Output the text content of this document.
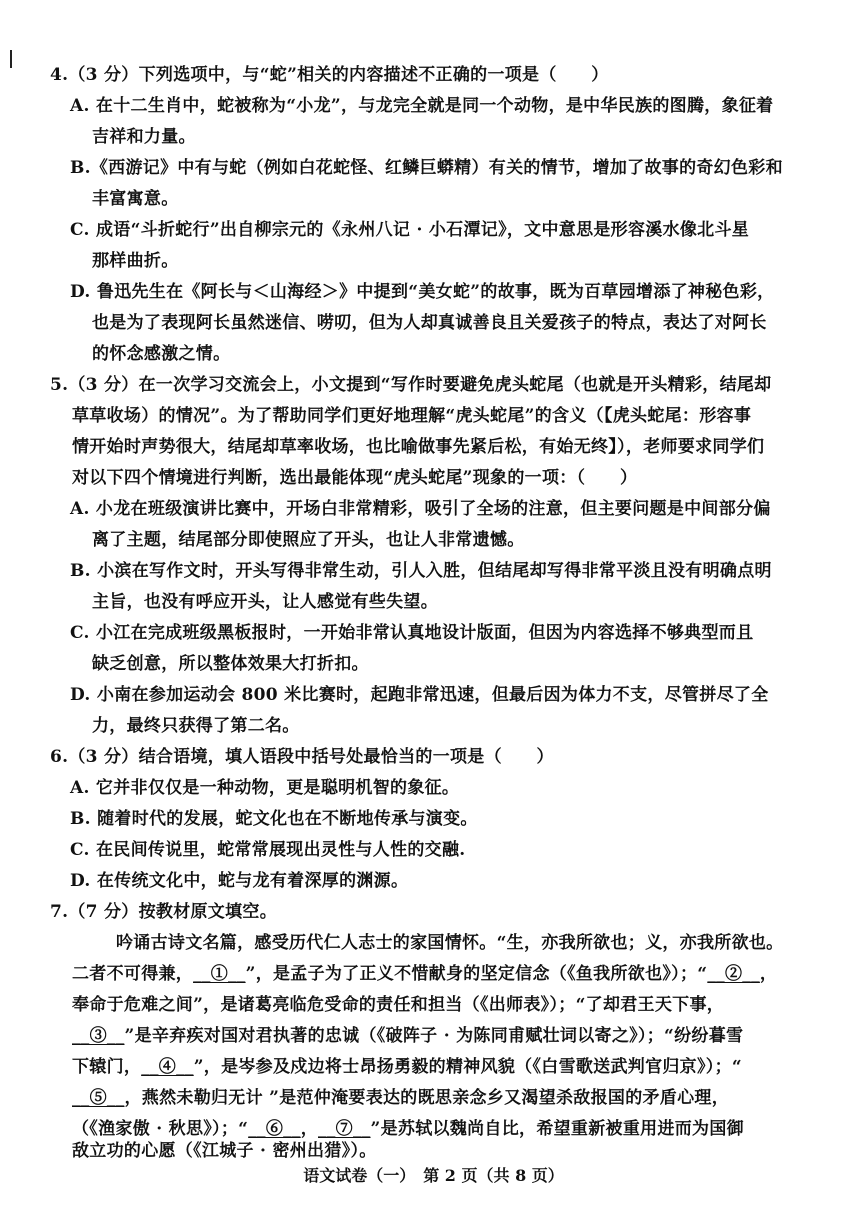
4.（3 分）下列选项中，与“蛇”相关的内容描述不正确的一项是（　　）
A. 在十二生肖中，蛇被称为“小龙”，与龙完全就是同一个动物，是中华民族的图腾，象征着
吉祥和力量。
B.《西游记》中有与蛇（例如白花蛇怪、红鳞巨蟒精）有关的情节，增加了故事的奇幻色彩和
丰富寓意。
C. 成语“斗折蛇行”出自柳宗元的《永州八记 · 小石潭记》，文中意思是形容溪水像北斗星
那样曲折。
D. 鲁迅先生在《阿长与＜山海经＞》中提到“美女蛇”的故事，既为百草园增添了神秘色彩，
也是为了表现阿长虽然迷信、唠叨，但为人却真诚善良且关爱孩子的特点，表达了对阿长
的怀念感激之情。
5.（3 分）在一次学习交流会上，小文提到“写作时要避免虎头蛇尾（也就是开头精彩，结尾却
草草收场）的情况”。为了帮助同学们更好地理解“虎头蛇尾”的含义（【虎头蛇尾：形容事
情开始时声势很大，结尾却草率收场，也比喻做事先紧后松，有始无终】），老师要求同学们
对以下四个情境进行判断，选出最能体现“虎头蛇尾”现象的一项：（　　）
A. 小龙在班级演讲比赛中，开场白非常精彩，吸引了全场的注意，但主要问题是中间部分偏
离了主题，结尾部分即使照应了开头，也让人非常遗憾。
B. 小滨在写作文时，开头写得非常生动，引人入胜，但结尾却写得非常平淡且没有明确点明
主旨，也没有呼应开头，让人感觉有些失望。
C. 小江在完成班级黑板报时，一开始非常认真地设计版面，但因为内容选择不够典型而且
缺乏创意，所以整体效果大打折扣。
D. 小南在参加运动会 800 米比赛时，起跑非常迅速，但最后因为体力不支，尽管拼尽了全
力，最终只获得了第二名。
6.（3 分）结合语境，填人语段中括号处最恰当的一项是（　　）
A. 它并非仅仅是一种动物，更是聪明机智的象征。
B. 随着时代的发展，蛇文化也在不断地传承与演变。
C. 在民间传说里，蛇常常展现出灵性与人性的交融.
D. 在传统文化中，蛇与龙有着深厚的渊源。
7.（7 分）按教材原文填空。
吟诵古诗文名篇，感受历代仁人志士的家国情怀。“生，亦我所欲也；义，亦我所欲也。
二者不可得兼，__①__”，是孟子为了正义不惜献身的坚定信念（《鱼我所欲也》）；“__②__，
奉命于危难之间”，是诸葛亮临危受命的责任和担当（《出师表》）；“了却君王天下事，
__③__”是辛弃疾对国对君执著的忠诚（《破阵子 · 为陈同甫赋壮词以寄之》）；“纷纷暮雪
下辕门，__④__”，是岑参及戍边将士昂扬勇毅的精神风貌（《白雪歌送武判官归京》）；“
__⑤__，燕然未勒归无计 ”是范仲淹要表达的既思亲念乡又渴望杀敌报国的矛盾心理，
（《渔家傲 · 秋思》）；“__⑥__，__⑦__”是苏轼以魏尚自比，希望重新被重用进而为国御
敌立功的心愿（《江城子 · 密州出猎》）。
语文试卷（一）　第 2 页（共 8 页）
